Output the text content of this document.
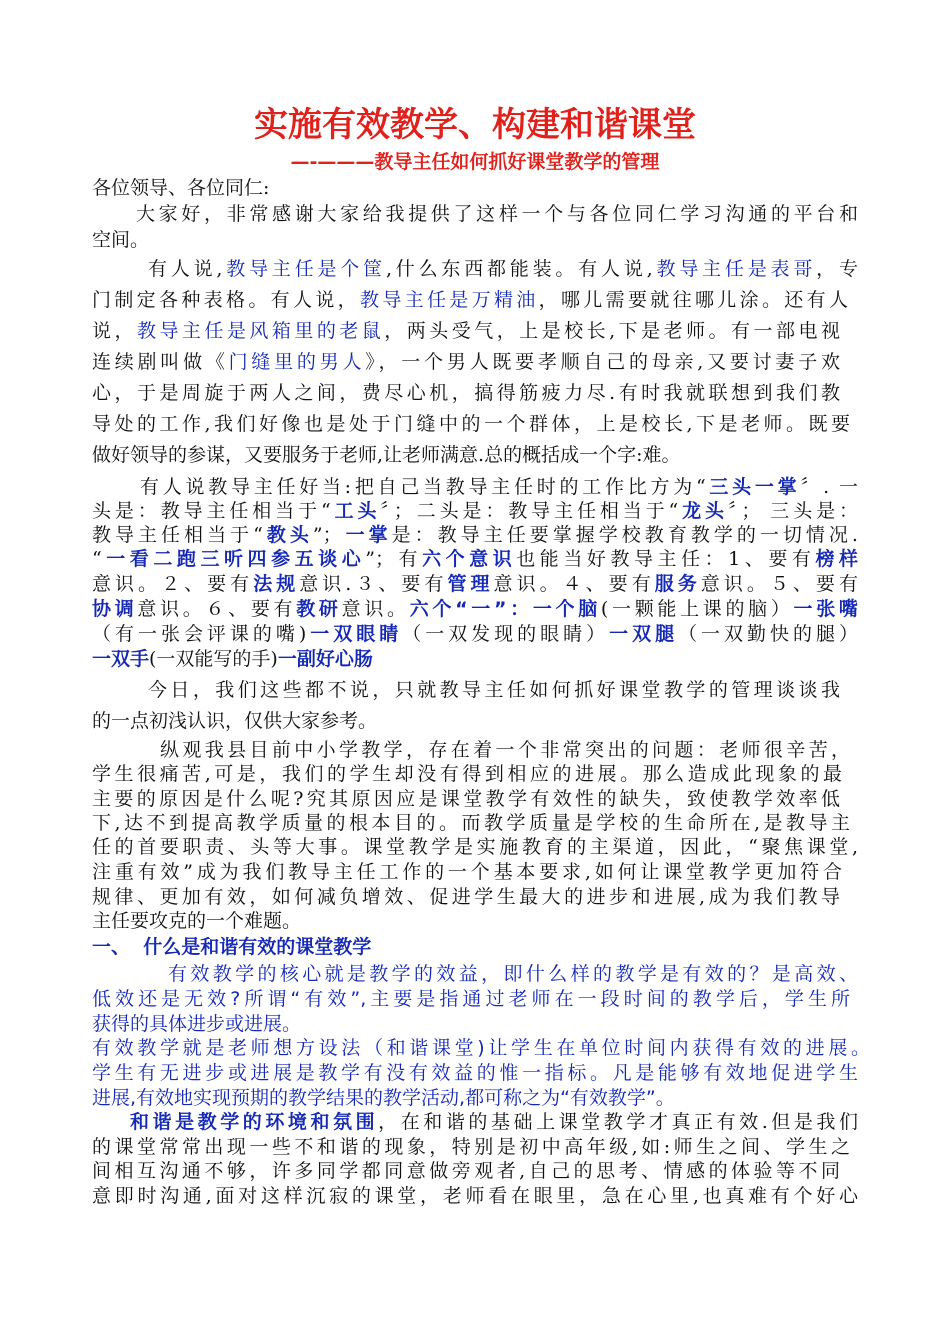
实施有效教学、构建和谐课堂
—-———教导主任如何抓好课堂教学的管理
各位领导、各位同仁:
大家好，非常感谢大家给我提供了这样一个与各位同仁学习沟通的平台和
空间。
有人说,教导主任是个筐,什么东西都能装。有人说,教导主任是表哥，专
门制定各种表格。有人说，教导主任是万精油，哪儿需要就往哪儿涂。还有人
说，教导主任是风箱里的老鼠，两头受气，上是校长,下是老师。有一部电视
连续剧叫做《门缝里的男人》，一个男人既要孝顺自己的母亲,又要讨妻子欢
心，于是周旋于两人之间，费尽心机，搞得筋疲力尽.有时我就联想到我们教
导处的工作,我们好像也是处于门缝中的一个群体，上是校长,下是老师。既要
做好领导的参谋，又要服务于老师,让老师满意.总的概括成一个字:难。
有人说教导主任好当:把自己当教导主任时的工作比方为“三头一掌〞. 一
头是：教导主任相当于“工头〞；二头是：教导主任相当于“龙头〞； 三头是：
教导主任相当于“教头”；一掌是：教导主任要掌握学校教育教学的一切情况.
“一看二跑三听四参五谈心”；有六个意识也能当好教导主任：1、要有榜样
意识。２、要有法规意识.３、要有管理意识。４、要有服务意识。５、要有
协调意识。６、要有教研意识。六个“一”：一个脑(一颗能上课的脑）一张嘴
（有一张会评课的嘴)一双眼睛（一双发现的眼睛）一双腿（一双勤快的腿）
一双手(一双能写的手)一副好心肠
今日，我们这些都不说，只就教导主任如何抓好课堂教学的管理谈谈我
的一点初浅认识，仅供大家参考。
纵观我县目前中小学教学，存在着一个非常突出的问题：老师很辛苦，
学生很痛苦,可是，我们的学生却没有得到相应的进展。那么造成此现象的最
主要的原因是什么呢?究其原因应是课堂教学有效性的缺失，致使教学效率低
下,达不到提高教学质量的根本目的。而教学质量是学校的生命所在,是教导主
任的首要职责、头等大事。课堂教学是实施教育的主渠道，因此，“聚焦课堂,
注重有效”成为我们教导主任工作的一个基本要求,如何让课堂教学更加符合
规律、更加有效，如何减负增效、促进学生最大的进步和进展,成为我们教导
主任要攻克的一个难题。
一、  什么是和谐有效的课堂教学
有效教学的核心就是教学的效益，即什么样的教学是有效的？是高效、
低效还是无效?所谓“有效”,主要是指通过老师在一段时间的教学后，学生所
获得的具体进步或进展。
有效教学就是老师想方设法（和谐课堂)让学生在单位时间内获得有效的进展。
学生有无进步或进展是教学有没有效益的惟一指标。凡是能够有效地促进学生
进展,有效地实现预期的教学结果的教学活动,都可称之为“有效教学”。
和谐是教学的环境和氛围，在和谐的基础上课堂教学才真正有效.但是我们
的课堂常常出现一些不和谐的现象，特别是初中高年级,如:师生之间、学生之
间相互沟通不够，许多同学都同意做旁观者,自己的思考、情感的体验等不同
意即时沟通,面对这样沉寂的课堂，老师看在眼里，急在心里,也真难有个好心
